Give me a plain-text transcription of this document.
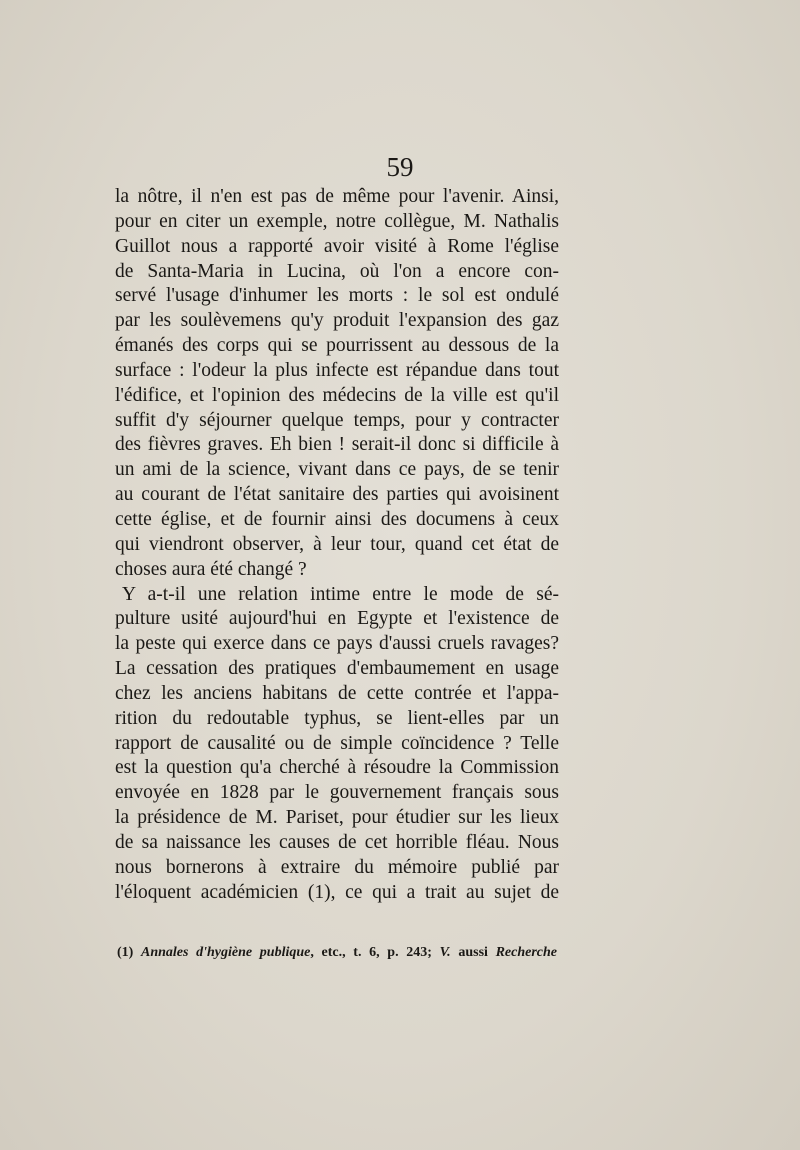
59
la nôtre, il n'en est pas de même pour l'avenir. Ainsi,
pour en citer un exemple, notre collègue, M. Nathalis
Guillot nous a rapporté avoir visité à Rome l'église
de Santa-Maria in Lucina, où l'on a encore con-
servé l'usage d'inhumer les morts : le sol est ondulé
par les soulèvemens qu'y produit l'expansion des gaz
émanés des corps qui se pourrissent au dessous de la
surface : l'odeur la plus infecte est répandue dans tout
l'édifice, et l'opinion des médecins de la ville est qu'il
suffit d'y séjourner quelque temps, pour y contracter
des fièvres graves. Eh bien ! serait-il donc si difficile à
un ami de la science, vivant dans ce pays, de se tenir
au courant de l'état sanitaire des parties qui avoisinent
cette église, et de fournir ainsi des documens à ceux
qui viendront observer, à leur tour, quand cet état de
choses aura été changé ?
Y a-t-il une relation intime entre le mode de sé-
pulture usité aujourd'hui en Egypte et l'existence de
la peste qui exerce dans ce pays d'aussi cruels ravages?
La cessation des pratiques d'embaumement en usage
chez les anciens habitans de cette contrée et l'appa-
rition du redoutable typhus, se lient-elles par un
rapport de causalité ou de simple coïncidence ? Telle
est la question qu'a cherché à résoudre la Commission
envoyée en 1828 par le gouvernement français sous
la présidence de M. Pariset, pour étudier sur les lieux
de sa naissance les causes de cet horrible fléau. Nous
nous bornerons à extraire du mémoire publié par
l'éloquent académicien (1), ce qui a trait au sujet de
(1) Annales d'hygiène publique, etc., t. 6, p. 243; V. aussi Recherche
